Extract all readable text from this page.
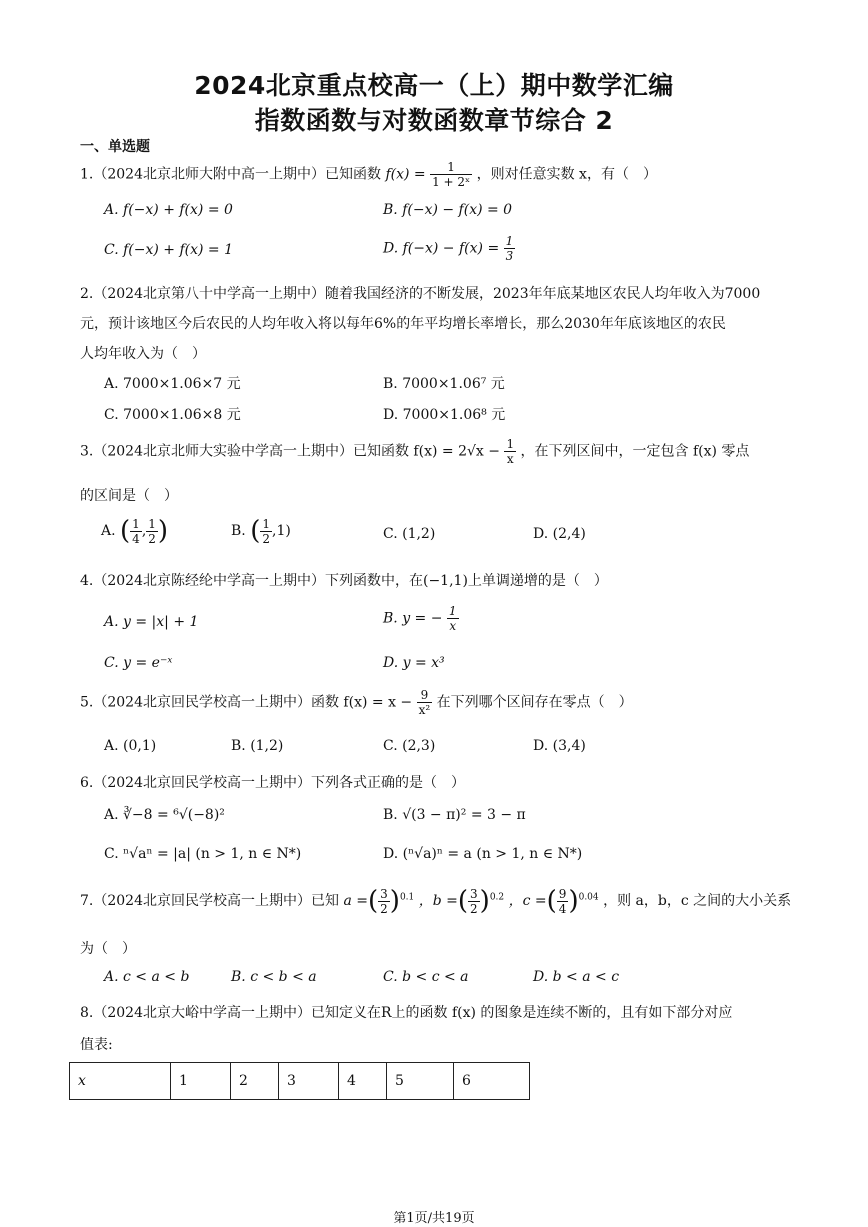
2024北京重点校高一（上）期中数学汇编
指数函数与对数函数章节综合 2
一、单选题
1.（2024北京北师大附中高一上期中）已知函数 $f(x) = \frac{1}{\text{1 + 2ˣ}}$ ，则对任意实数 x，有（　）
A. f(−x) + f(x) = 0	B. f(−x) − f(x) = 0
C. f(−x) + f(x) = 1	D. $f(-x) - f(x) = \frac{1}{3}$
2.（2024北京第八十中学高一上期中）随着我国经济的不断发展，2023年年底某地区农民人均年收入为7000
元，预计该地区今后农民的人均年收入将以每年6%的年平均增长率增长，那么2030年年底该地区的农民
人均年收入为（　）
A. 7000×1.06×7 元	B. 7000×1.06⁷ 元
C. 7000×1.06×8 元	D. 7000×1.06⁸ 元
3.（2024北京北师大实验中学高一上期中）已知函数 $f(x) = 2√x - \frac{1}{x}$ ，在下列区间中，一定包含 f(x) 零点
的区间是（　）
A. ( $\frac{1}{4}$ , $\frac{1}{2}$ )	B. ( $\frac{1}{2} ,1$)	C. (1,2)	D. (2,4)
4.（2024北京陈经纶中学高一上期中）下列函数中，在(−1,1)上单调递增的是（　）
A. y = |x| + 1	B. y = − $\frac{1}{x}$
C. y = e⁻ˣ	D. y = x³
5.（2024北京回民学校高一上期中）函数 $f(x) = x - \frac{9}{\text{x²}}$ 在下列哪个区间存在零点（　）
A. (0,1)	B. (1,2)	C. (2,3)	D. (3,4)
6.（2024北京回民学校高一上期中）下列各式正确的是（　）
A. ∛−8 = ⁶√(−8)²	B. √(3 − π)² = 3 − π
C. ⁿ√aⁿ = |a| (n > 1, n ∈ N*)	D. (ⁿ√a)ⁿ = a (n > 1, n ∈ N*)
7.（2024北京回民学校高一上期中）已知 a =( $\frac{3}{2} )^{0.1}$ ，b =( $\frac{3}{2} )^{0.2}$ ，c =( $\frac{9}{4} )^{0.04}$ ，则 a，b，c 之间的大小关系
为（　）
A. c < a < b	B. c < b < a	C. b < c < a	D. b < a < c
8.（2024北京大峪中学高一上期中）已知定义在R上的函数 f(x) 的图象是连续不断的，且有如下部分对应
值表:
x	1	2	3	4	5	6
第1页/共19页
